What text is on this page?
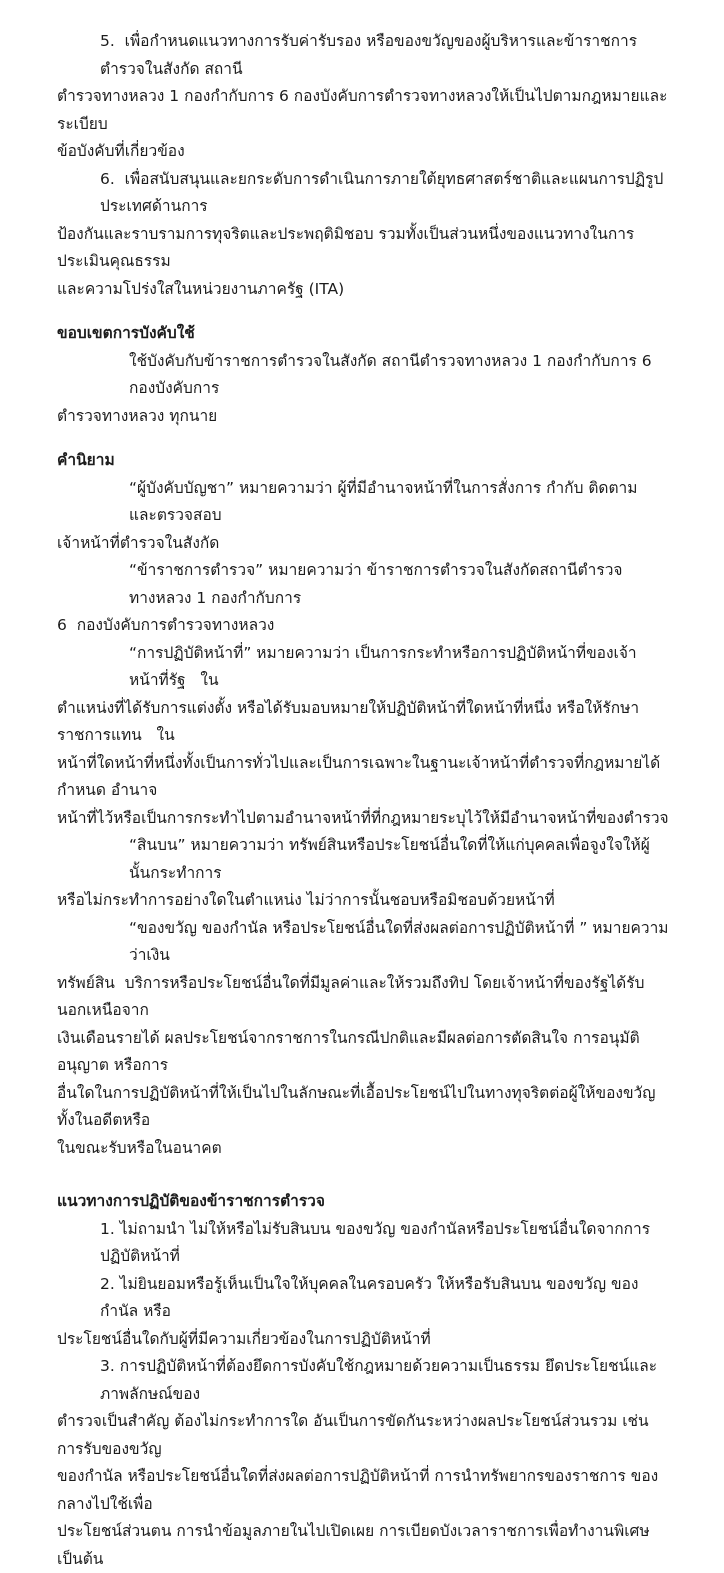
5.  เพื่อกำหนดแนวทางการรับค่ารับรอง หรือของขวัญของผู้บริหารและข้าราชการตำรวจในสังกัด สถานี
ตำรวจทางหลวง 1 กองกำกับการ 6 กองบังคับการตำรวจทางหลวงให้เป็นไปตามกฎหมายและระเบียบ
ข้อบังคับที่เกี่ยวข้อง
6.  เพื่อสนับสนุนและยกระดับการดำเนินการภายใต้ยุทธศาสตร์ชาติและแผนการปฏิรูปประเทศด้านการ
ป้องกันและราบรามการทุจริตและประพฤติมิชอบ รวมทั้งเป็นส่วนหนึ่งของแนวทางในการประเมินคุณธรรม
และความโปร่งใสในหน่วยงานภาครัฐ (ITA)
ขอบเขตการบังคับใช้
ใช้บังคับกับข้าราชการตำรวจในสังกัด สถานีตำรวจทางหลวง 1 กองกำกับการ 6 กองบังคับการ
ตำรวจทางหลวง ทุกนาย
คำนิยาม
“ผู้บังคับบัญชา” หมายความว่า ผู้ที่มีอำนาจหน้าที่ในการสั่งการ กำกับ ติดตาม และตรวจสอบ
เจ้าหน้าที่ตำรวจในสังกัด
“ข้าราชการตำรวจ” หมายความว่า ข้าราชการตำรวจในสังกัดสถานีตำรวจทางหลวง 1 กองกำกับการ
6  กองบังคับการตำรวจทางหลวง
“การปฏิบัติหน้าที่” หมายความว่า เป็นการกระทำหรือการปฏิบัติหน้าที่ของเจ้าหน้าที่รัฐ   ใน
ตำแหน่งที่ได้รับการแต่งตั้ง หรือได้รับมอบหมายให้ปฏิบัติหน้าที่ใดหน้าที่หนึ่ง หรือให้รักษาราชการแทน   ใน
หน้าที่ใดหน้าที่หนึ่งทั้งเป็นการทั่วไปและเป็นการเฉพาะในฐานะเจ้าหน้าที่ตำรวจที่กฎหมายได้กำหนด อำนาจ
หน้าที่ไว้หรือเป็นการกระทำไปตามอำนาจหน้าที่ที่กฎหมายระบุไว้ให้มีอำนาจหน้าที่ของตำรวจ
“สินบน” หมายความว่า ทรัพย์สินหรือประโยชน์อื่นใดที่ให้แก่บุคคลเพื่อจูงใจให้ผู้นั้นกระทำการ
หรือไม่กระทำการอย่างใดในตำแหน่ง ไม่ว่าการนั้นชอบหรือมิชอบด้วยหน้าที่
“ของขวัญ ของกำนัล หรือประโยชน์อื่นใดที่ส่งผลต่อการปฏิบัติหน้าที่ ” หมายความว่าเงิน
ทรัพย์สิน  บริการหรือประโยชน์อื่นใดที่มีมูลค่าและให้รวมถึงทิป โดยเจ้าหน้าที่ของรัฐได้รับนอกเหนือจาก
เงินเดือนรายได้ ผลประโยชน์จากราชการในกรณีปกติและมีผลต่อการตัดสินใจ การอนุมัติ อนุญาต หรือการ
อื่นใดในการปฏิบัติหน้าที่ให้เป็นไปในลักษณะที่เอื้อประโยชน์ไปในทางทุจริตต่อผู้ให้ของขวัญทั้งในอดีตหรือ
ในขณะรับหรือในอนาคต
แนวทางการปฏิบัติของข้าราชการตำรวจ
1. ไม่ถามนำ ไม่ให้หรือไม่รับสินบน ของขวัญ ของกำนัลหรือประโยชน์อื่นใดจากการปฏิบัติหน้าที่
2. ไม่ยินยอมหรือรู้เห็นเป็นใจให้บุคคลในครอบครัว ให้หรือรับสินบน ของขวัญ ของกำนัล หรือ
ประโยชน์อื่นใดกับผู้ที่มีความเกี่ยวข้องในการปฏิบัติหน้าที่
3. การปฏิบัติหน้าที่ต้องยึดการบังคับใช้กฎหมายด้วยความเป็นธรรม ยึดประโยชน์และภาพลักษณ์ของ
ตำรวจเป็นสำคัญ ต้องไม่กระทำการใด อันเป็นการขัดกันระหว่างผลประโยชน์ส่วนรวม เช่น การรับของขวัญ
ของกำนัล หรือประโยชน์อื่นใดที่ส่งผลต่อการปฏิบัติหน้าที่ การนำทรัพยากรของราชการ ของกลางไปใช้เพื่อ
ประโยชน์ส่วนตน การนำข้อมูลภายในไปเปิดเผย การเบียดบังเวลาราชการเพื่อทำงานพิเศษ  เป็นต้น
